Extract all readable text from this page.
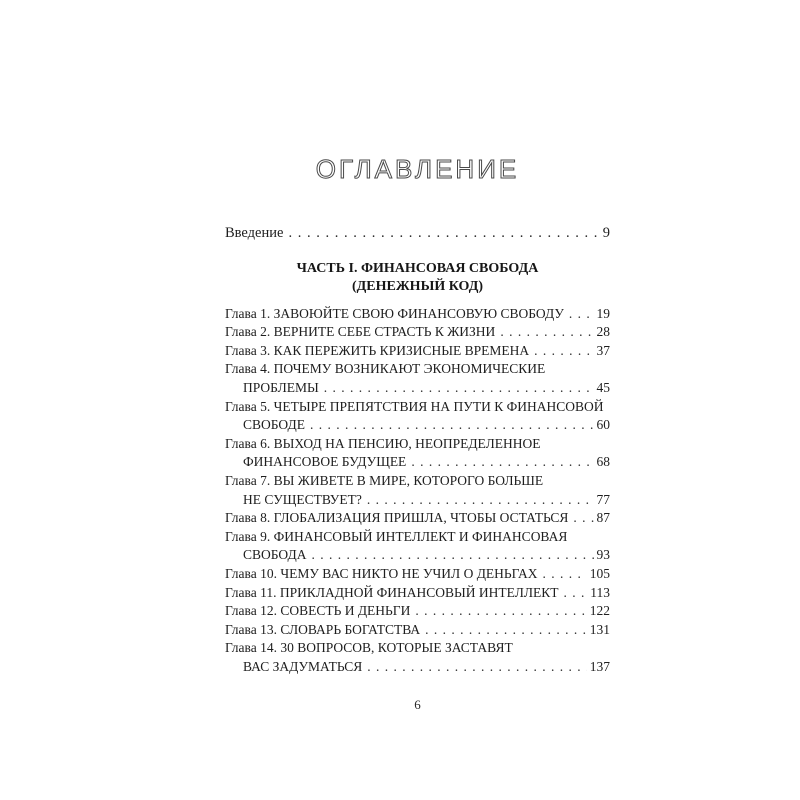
ОГЛАВЛЕНИЕ
Введение . . .	9
ЧАСТЬ I. ФИНАНСОВАЯ СВОБОДА
(ДЕНЕЖНЫЙ КОД)
Глава 1. ЗАВОЮЙТЕ СВОЮ ФИНАНСОВУЮ СВОБОДУ . . . 19
Глава 2. ВЕРНИТЕ СЕБЕ СТРАСТЬ К ЖИЗНИ . . .	28
Глава 3. КАК ПЕРЕЖИТЬ КРИЗИСНЫЕ ВРЕМЕНА . . .	37
Глава 4. ПОЧЕМУ ВОЗНИКАЮТ ЭКОНОМИЧЕСКИЕ
ПРОБЛЕМЫ . . .	45
Глава 5. ЧЕТЫРЕ ПРЕПЯТСТВИЯ НА ПУТИ К ФИНАНСОВОЙ
СВОБОДЕ . . .	60
Глава 6. ВЫХОД НА ПЕНСИЮ, НЕОПРЕДЕЛЕННОЕ
ФИНАНСОВОЕ БУДУЩЕЕ . . .	68
Глава 7. ВЫ ЖИВЕТЕ В МИРЕ, КОТОРОГО БОЛЬШЕ
НЕ СУЩЕСТВУЕТ? . . .	77
Глава 8. ГЛОБАЛИЗАЦИЯ ПРИШЛА, ЧТОБЫ ОСТАТЬСЯ . . . 87
Глава 9. ФИНАНСОВЫЙ ИНТЕЛЛЕКТ И ФИНАНСОВАЯ
СВОБОДА . . .	93
Глава 10. ЧЕМУ ВАС НИКТО НЕ УЧИЛ О ДЕНЬГАХ . . .	105
Глава 11. ПРИКЛАДНОЙ ФИНАНСОВЫЙ ИНТЕЛЛЕКТ . . . 113
Глава 12. СОВЕСТЬ И ДЕНЬГИ . . .	122
Глава 13. СЛОВАРЬ БОГАТСТВА . . .	131
Глава 14. 30 ВОПРОСОВ, КОТОРЫЕ ЗАСТАВЯТ
ВАС ЗАДУМАТЬСЯ . . .	137
6
